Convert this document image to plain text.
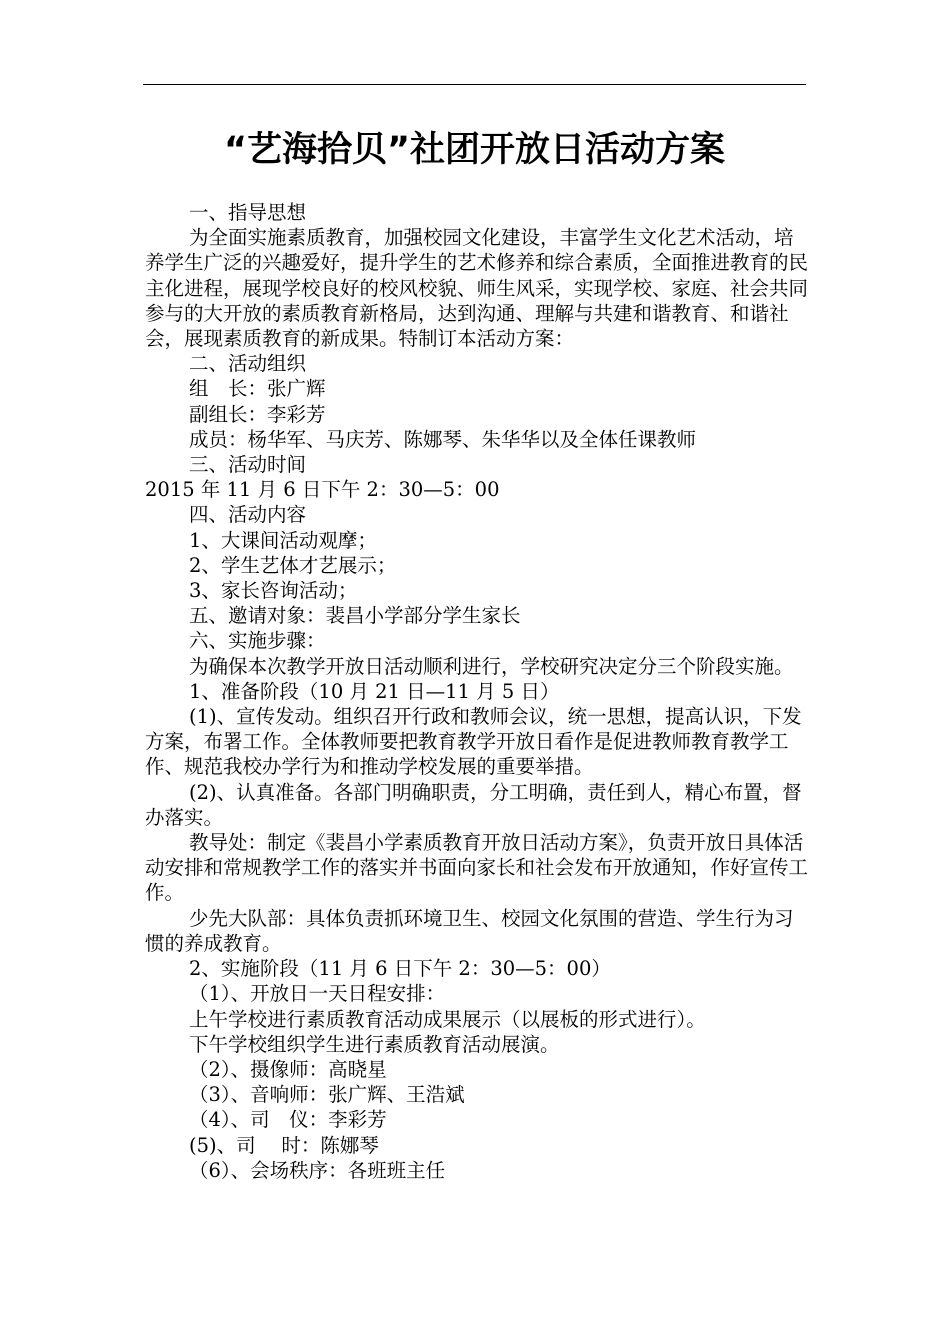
“艺海拾贝”社团开放日活动方案

一、指导思想

为全面实施素质教育，加强校园文化建设，丰富学生文化艺术活动，培养学生广泛的兴趣爱好，提升学生的艺术修养和综合素质，全面推进教育的民主化进程，展现学校良好的校风校貌、师生风采，实现学校、家庭、社会共同参与的大开放的素质教育新格局，达到沟通、理解与共建和谐教育、和谐社会，展现素质教育的新成果。特制订本活动方案：

二、活动组织

组　长：张广辉

副组长：李彩芳

成员：杨华军、马庆芳、陈娜琴、朱华华以及全体任课教师

三、活动时间

2015 年 11 月 6 日下午 2：30—5：00

四、活动内容

1、大课间活动观摩；

2、学生艺体才艺展示；

3、家长咨询活动；

五、邀请对象：裴昌小学部分学生家长

六、实施步骤：

为确保本次教学开放日活动顺利进行，学校研究决定分三个阶段实施。

1、准备阶段（10 月 21 日—11 月 5 日）

(1)、宣传发动。组织召开行政和教师会议，统一思想，提高认识，下发方案，布署工作。全体教师要把教育教学开放日看作是促进教师教育教学工作、规范我校办学行为和推动学校发展的重要举措。

(2)、认真准备。各部门明确职责，分工明确，责任到人，精心布置，督办落实。

教导处：制定《裴昌小学素质教育开放日活动方案》，负责开放日具体活动安排和常规教学工作的落实并书面向家长和社会发布开放通知，作好宣传工作。

少先大队部：具体负责抓环境卫生、校园文化氛围的营造、学生行为习惯的养成教育。

2、实施阶段（11 月 6 日下午 2：30—5：00）

（1）、开放日一天日程安排：

上午学校进行素质教育活动成果展示（以展板的形式进行）。

下午学校组织学生进行素质教育活动展演。

（2）、摄像师：高晓星

（3）、音响师：张广辉、王浩斌

（4）、司　仪：李彩芳

(5)、司　 时：陈娜琴

（6）、会场秩序：各班班主任
